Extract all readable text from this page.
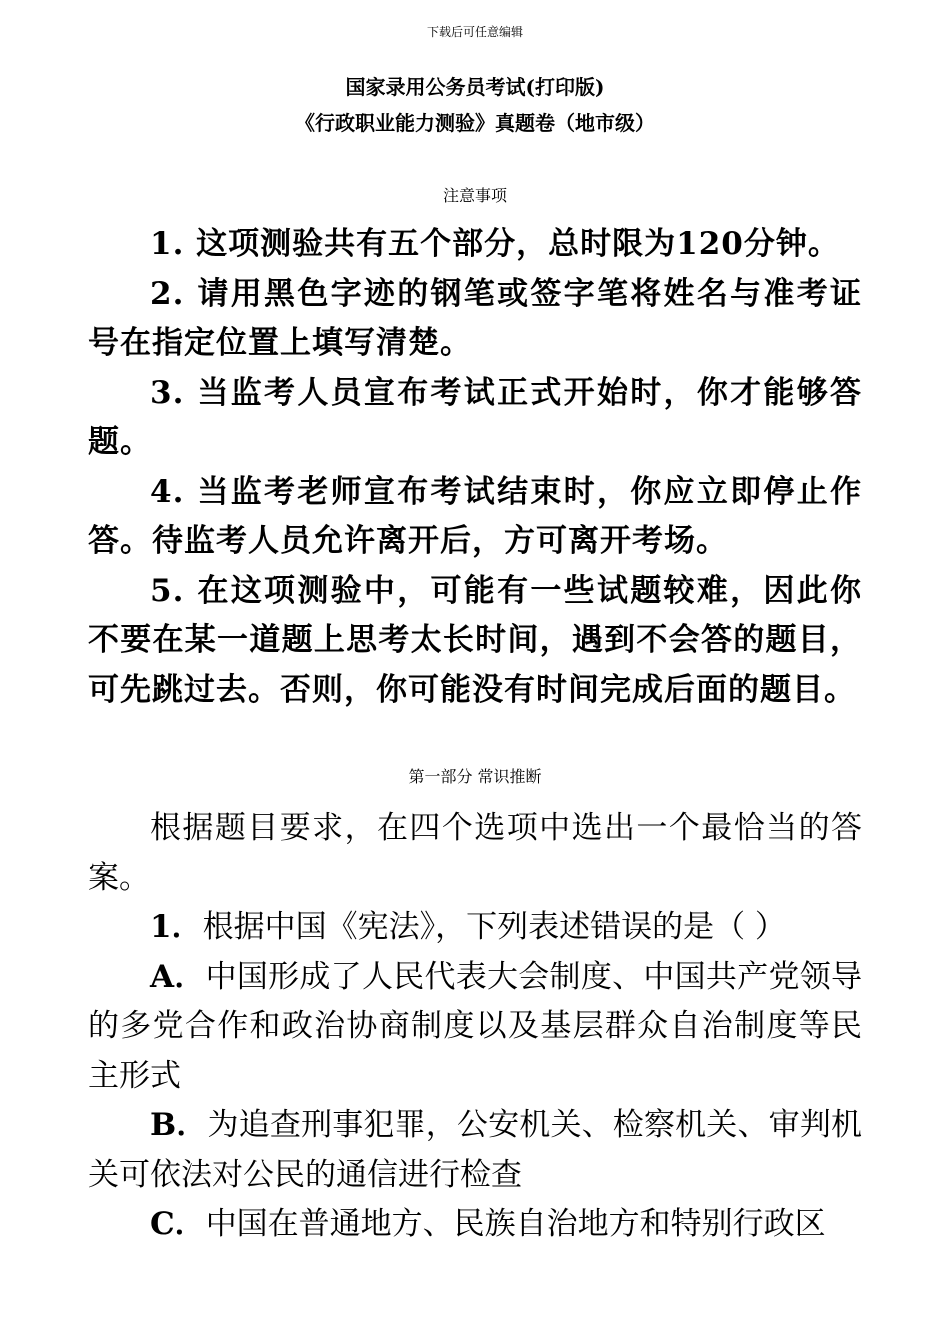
下载后可任意编辑
国家录用公务员考试(打印版)
《行政职业能力测验》真题卷（地市级）
注意事项

1. 这项测验共有五个部分，总时限为120分钟。

2. 请用黑色字迹的钢笔或签字笔将姓名与准考证号在指定位置上填写清楚。

3. 当监考人员宣布考试正式开始时，你才能够答题。

4. 当监考老师宣布考试结束时，你应立即停止作答。待监考人员允许离开后，方可离开考场。

5. 在这项测验中，可能有一些试题较难，因此你不要在某一道题上思考太长时间，遇到不会答的题目，可先跳过去。否则，你可能没有时间完成后面的题目。

第一部分 常识推断

根据题目要求，在四个选项中选出一个最恰当的答案。

1．根据中国《宪法》，下列表述错误的是（ ）

A．中国形成了人民代表大会制度、中国共产党领导的多党合作和政治协商制度以及基层群众自治制度等民主形式

B．为追查刑事犯罪，公安机关、检察机关、审判机关可依法对公民的通信进行检查

C．中国在普通地方、民族自治地方和特别行政区
